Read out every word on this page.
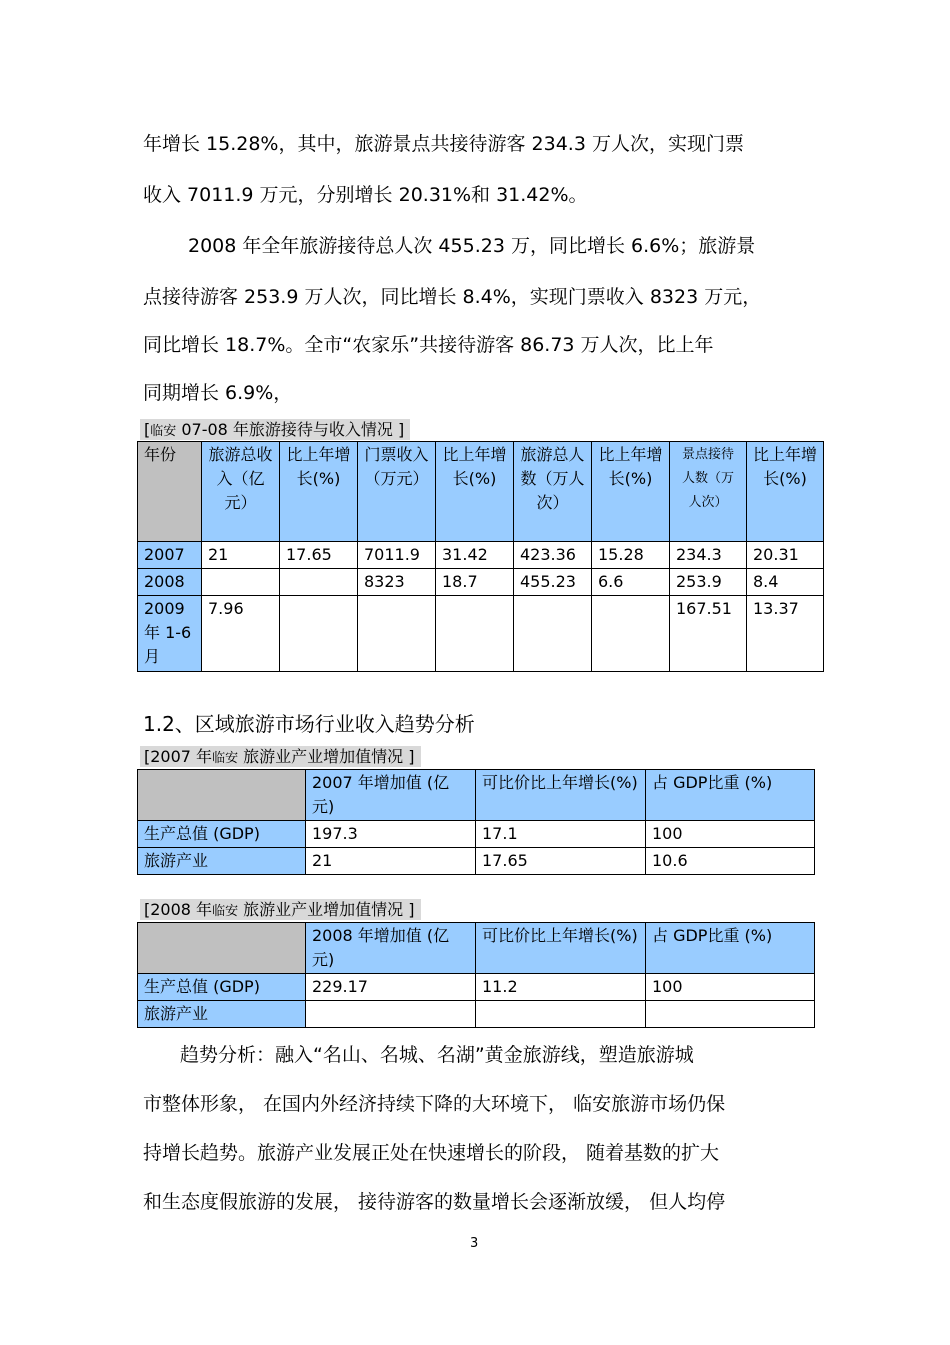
年增长 15.28%，其中，旅游景点共接待游客 234.3 万人次，实现门票
收入 7011.9 万元，分别增长 20.31%和 31.42%。
2008 年全年旅游接待总人次 455.23 万，同比增长 6.6%；旅游景
点接待游客 253.9 万人次，同比增长 8.4%，实现门票收入 8323 万元，
同比增长 18.7%。全市“农家乐”共接待游客 86.73 万人次，比上年
同期增长 6.9%，
[临安 07-08 年旅游接待与收入情况 ]
年份	旅游总收入（亿元）	比上年增长(%)	门票收入（万元）	比上年增长(%)	旅游总人数（万人次）	比上年增长(%)	景点接待人数（万人次）	比上年增长(%)
2007	21	17.65	7011.9	31.42	423.36	15.28	234.3	20.31
2008			8323	18.7	455.23	6.6	253.9	8.4
2009 年 1-6 月	7.96						167.51	13.37
1.2、区域旅游市场行业收入趋势分析
[2007 年临安 旅游业产业增加值情况 ]
	2007 年增加值 (亿元)	可比价比上年增长(%)	占 GDP比重 (%)
生产总值 (GDP)	197.3	17.1	100
旅游产业	21	17.65	10.6
[2008 年临安 旅游业产业增加值情况 ]
	2008 年增加值 (亿元)	可比价比上年增长(%)	占 GDP比重 (%)
生产总值 (GDP)	229.17	11.2	100
旅游产业			
趋势分析：融入“名山、名城、名湖”黄金旅游线，塑造旅游城
市整体形象， 在国内外经济持续下降的大环境下， 临安旅游市场仍保
持增长趋势。旅游产业发展正处在快速增长的阶段， 随着基数的扩大
和生态度假旅游的发展， 接待游客的数量增长会逐渐放缓， 但人均停
3
